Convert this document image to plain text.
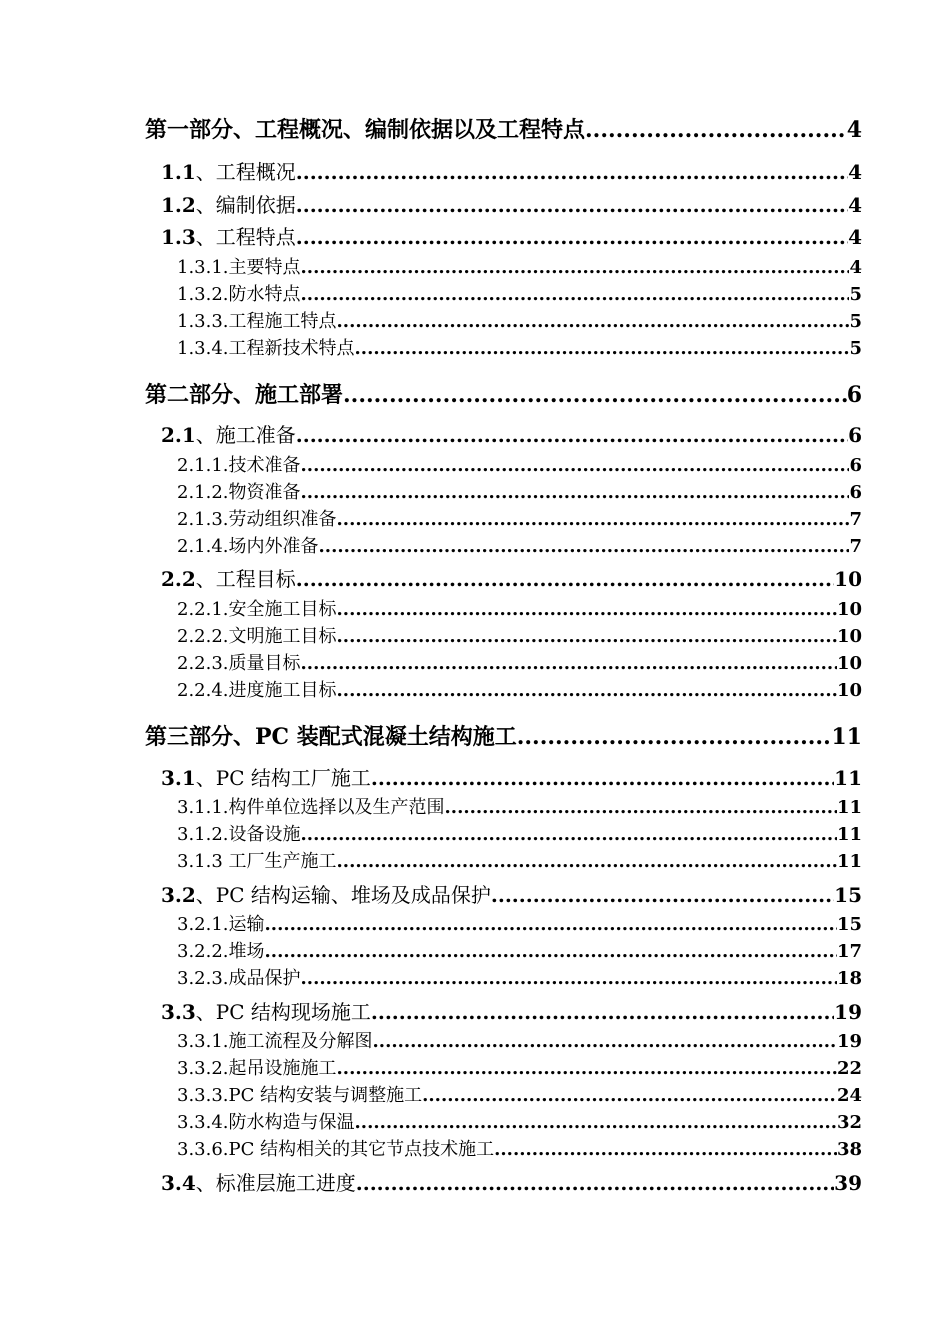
第一部分、工程概况、编制依据以及工程特点 .....	4
1.1、工程概况 .....	4
1.2、编制依据 .....	4
1.3、工程特点 .....	4
1.3.1.主要特点 .....	4
1.3.2.防水特点 .....	5
1.3.3.工程施工特点 .....	5
1.3.4.工程新技术特点 .....	5
第二部分、施工部署 .....	6
2.1、施工准备 .....	6
2.1.1.技术准备 .....	6
2.1.2.物资准备 .....	6
2.1.3.劳动组织准备 .....	7
2.1.4.场内外准备 .....	7
2.2、工程目标 .....	10
2.2.1.安全施工目标 .....	10
2.2.2.文明施工目标 .....	10
2.2.3.质量目标 .....	10
2.2.4.进度施工目标 .....	10
第三部分、PC 装配式混凝土结构施工 .....	11
3.1、PC 结构工厂施工 .....	11
3.1.1.构件单位选择以及生产范围 .....	11
3.1.2.设备设施 .....	11
3.1.3 工厂生产施工 .....	11
3.2、PC 结构运输、堆场及成品保护 .....	15
3.2.1.运输 .....	15
3.2.2.堆场 .....	17
3.2.3.成品保护 .....	18
3.3、PC 结构现场施工 .....	19
3.3.1.施工流程及分解图 .....	19
3.3.2.起吊设施施工 .....	22
3.3.3.PC 结构安装与调整施工 .....	24
3.3.4.防水构造与保温 .....	32
3.3.6.PC 结构相关的其它节点技术施工 .....	38
3.4、标准层施工进度 .....	39
